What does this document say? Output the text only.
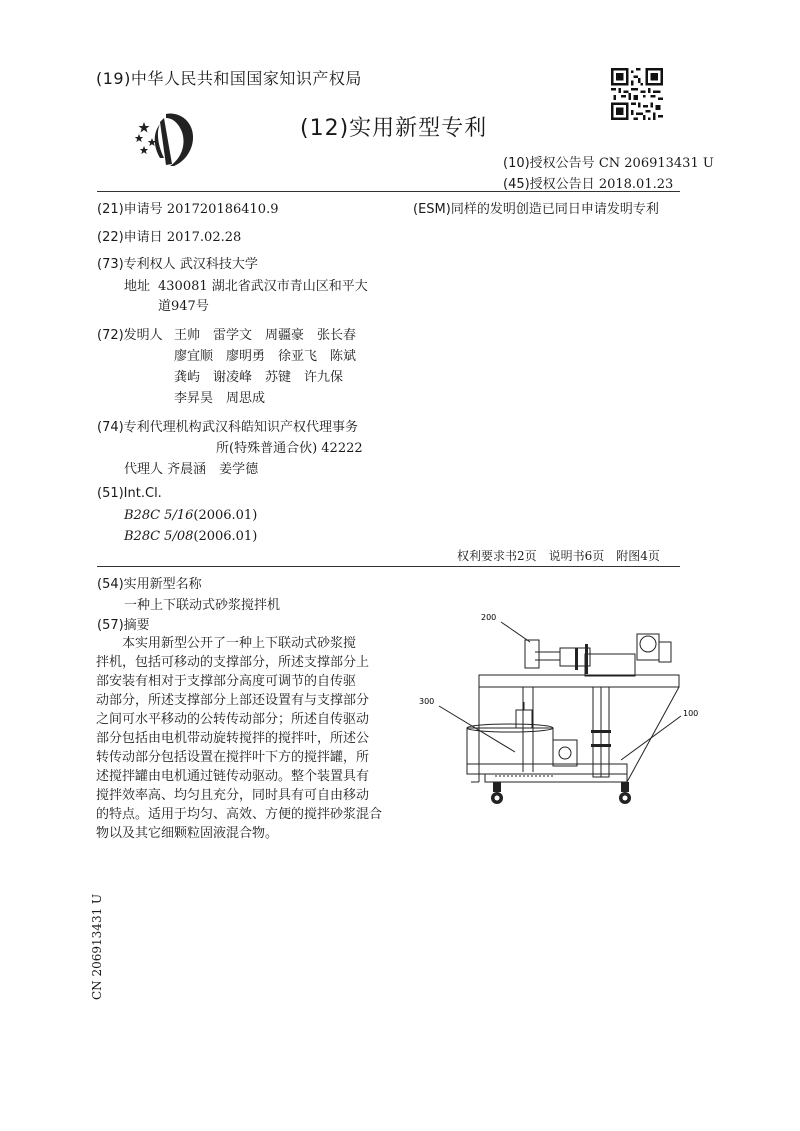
(19)中华人民共和国国家知识产权局
(12)实用新型专利
(10)授权公告号 CN 206913431 U
(45)授权公告日 2018.01.23
(21)申请号 201720186410.9	(ESM)同样的发明创造已同日申请发明专利
(22)申请日 2017.02.28
(73)专利权人 武汉科技大学
地址 430081 湖北省武汉市青山区和平大
道947号
(72)发明人 王帅　雷学文　周疆豪　张长春
廖宜顺　廖明勇　徐亚飞　陈斌
龚屿　谢凌峰　苏键　许九保
李昇昊　周思成
(74)专利代理机构 武汉科皓知识产权代理事务
所(特殊普通合伙) 42222
代理人 齐晨涵　姜学德
(51)Int.Cl.
B28C 5/16(2006.01)
B28C 5/08(2006.01)
权利要求书2页　说明书6页　附图4页
(54)实用新型名称
一种上下联动式砂浆搅拌机
(57)摘要

本实用新型公开了一种上下联动式砂浆搅

拌机，包括可移动的支撑部分，所述支撑部分上

部安装有相对于支撑部分高度可调节的自传驱

动部分，所述支撑部分上部还设置有与支撑部分

之间可水平移动的公转传动部分；所述自传驱动

部分包括由电机带动旋转搅拌的搅拌叶，所述公

转传动部分包括设置在搅拌叶下方的搅拌罐，所

述搅拌罐由电机通过链传动驱动。整个装置具有

搅拌效率高、均匀且充分，同时具有可自由移动

的特点。适用于均匀、高效、方便的搅拌砂浆混合

物以及其它细颗粒固液混合物。

200
300
100
CN 206913431 U
